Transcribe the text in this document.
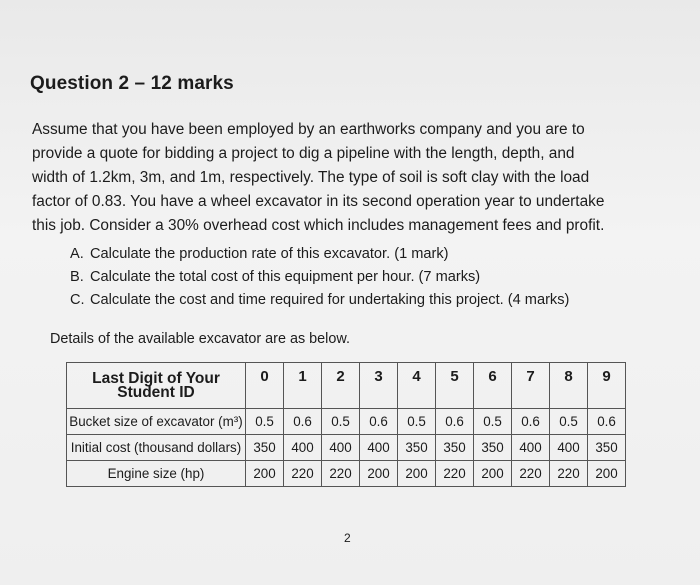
Question 2 – 12 marks
Assume that you have been employed by an earthworks company and you are to
provide a quote for bidding a project to dig a pipeline with the length, depth, and
width of 1.2km, 3m, and 1m, respectively. The type of soil is soft clay with the load
factor of 0.83. You have a wheel excavator in its second operation year to undertake
this job. Consider a 30% overhead cost which includes management fees and profit.
A. Calculate the production rate of this excavator. (1 mark)
B. Calculate the total cost of this equipment per hour. (7 marks)
C. Calculate the cost and time required for undertaking this project. (4 marks)
Details of the available excavator are as below.
Last Digit of Your Student ID	0	1	2	3	4	5	6	7	8	9
Bucket size of excavator (m³)	0.5	0.6	0.5	0.6	0.5	0.6	0.5	0.6	0.5	0.6
Initial cost (thousand dollars)	350	400	400	400	350	350	350	400	400	350
Engine size (hp)	200	220	220	200	200	220	200	220	220	200
2
